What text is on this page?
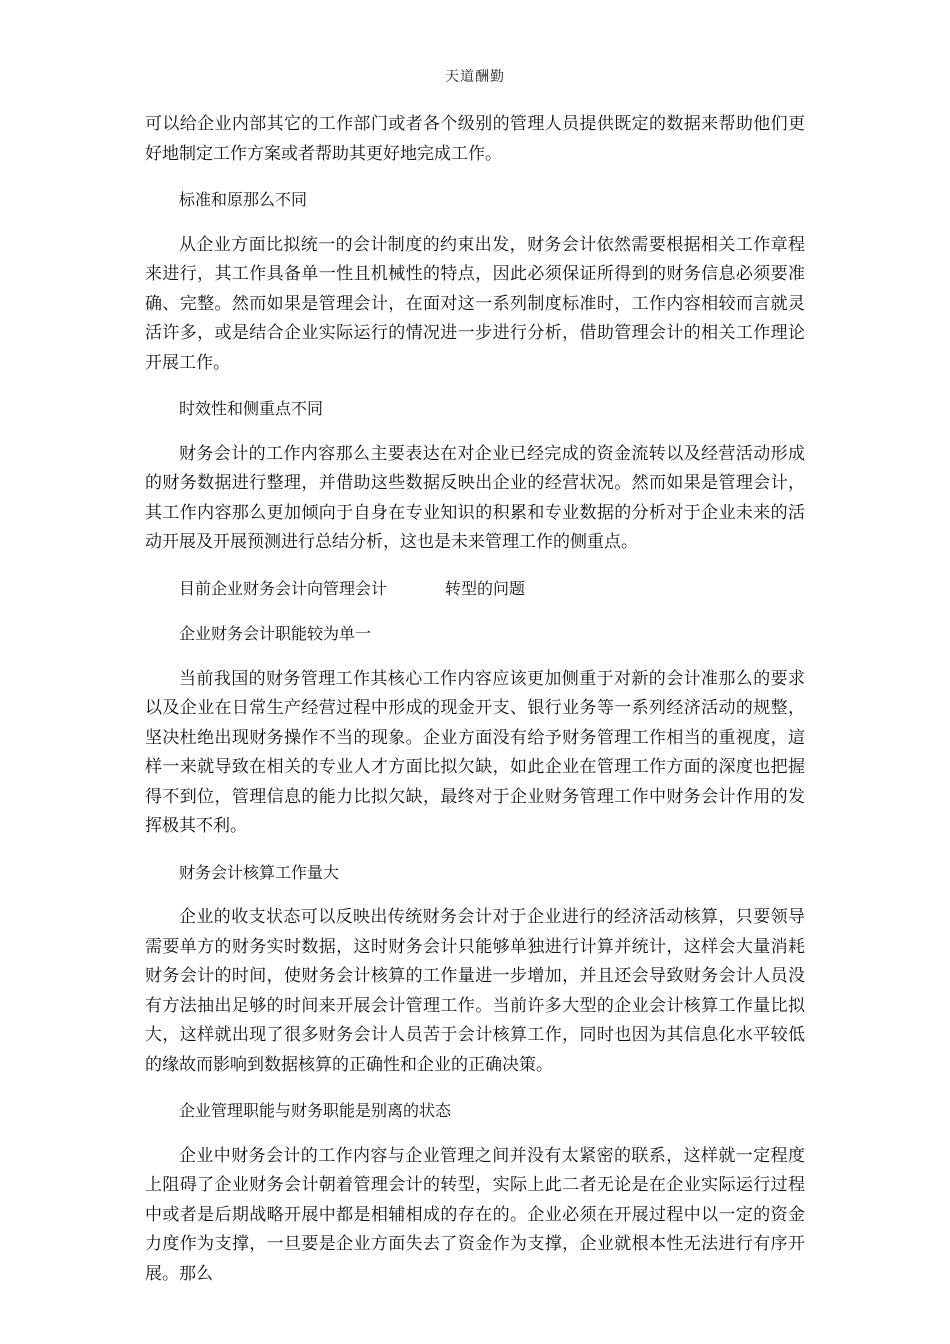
天道酬勤

可以给企业内部其它的工作部门或者各个级别的管理人员提供既定的数据来帮助他们更好地制定工作方案或者帮助其更好地完成工作。

标准和原那么不同

从企业方面比拟统一的会计制度的约束出发，财务会计依然需要根据相关工作章程来进行，其工作具备单一性且机械性的特点，因此必须保证所得到的财务信息必须要准确、完整。然而如果是管理会计，在面对这一系列制度标准时，工作内容相较而言就灵活许多，或是结合企业实际运行的情况进一步进行分析，借助管理会计的相关工作理论开展工作。

时效性和侧重点不同

财务会计的工作内容那么主要表达在对企业已经完成的资金流转以及经营活动形成的财务数据进行整理，并借助这些数据反映出企业的经营状况。然而如果是管理会计，其工作内容那么更加倾向于自身在专业知识的积累和专业数据的分析对于企业未来的活动开展及开展预测进行总结分析，这也是未来管理工作的侧重点。

目前企业财务会计向管理会计	转型的问题

企业财务会计职能较为单一

当前我国的财务管理工作其核心工作内容应该更加侧重于对新的会计准那么的要求以及企业在日常生产经营过程中形成的现金开支、银行业务等一系列经济活动的规整，坚决杜绝出现财务操作不当的现象。企业方面没有给予财务管理工作相当的重视度，這样一来就导致在相关的专业人才方面比拟欠缺，如此企业在管理工作方面的深度也把握得不到位，管理信息的能力比拟欠缺，最终对于企业财务管理工作中财务会计作用的发挥极其不利。

财务会计核算工作量大

企业的收支状态可以反映出传统财务会计对于企业进行的经济活动核算，只要领导需要单方的财务实时数据，这时财务会计只能够单独进行计算并统计，这样会大量消耗财务会计的时间，使财务会计核算的工作量进一步增加，并且还会导致财务会计人员没有方法抽出足够的时间来开展会计管理工作。当前许多大型的企业会计核算工作量比拟大，这样就出现了很多财务会计人员苦于会计核算工作，同时也因为其信息化水平较低的缘故而影响到数据核算的正确性和企业的正确决策。

企业管理职能与财务职能是别离的状态

企业中财务会计的工作内容与企业管理之间并没有太紧密的联系，这样就一定程度上阻碍了企业财务会计朝着管理会计的转型，实际上此二者无论是在企业实际运行过程中或者是后期战略开展中都是相辅相成的存在的。企业必须在开展过程中以一定的资金力度作为支撑，一旦要是企业方面失去了资金作为支撑，企业就根本性无法进行有序开展。那么
